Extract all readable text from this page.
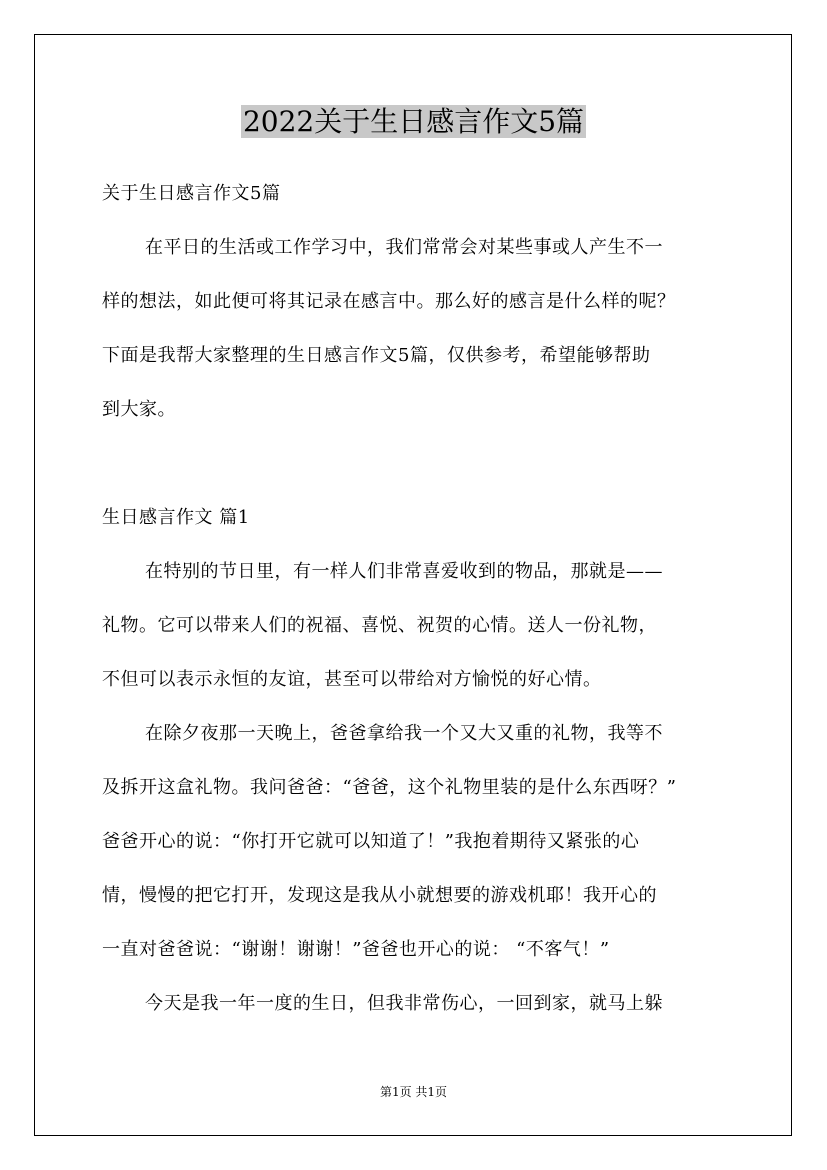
2022关于生日感言作文5篇
关于生日感言作文5篇
在平日的生活或工作学习中，我们常常会对某些事或人产生不一
样的想法，如此便可将其记录在感言中。那么好的感言是什么样的呢？
下面是我帮大家整理的生日感言作文5篇，仅供参考，希望能够帮助
到大家。
生日感言作文 篇1
在特别的节日里，有一样人们非常喜爱收到的物品，那就是——
礼物。它可以带来人们的祝福、喜悦、祝贺的心情。送人一份礼物，
不但可以表示永恒的友谊，甚至可以带给对方愉悦的好心情。
在除夕夜那一天晚上，爸爸拿给我一个又大又重的礼物，我等不
及拆开这盒礼物。我问爸爸：“爸爸，这个礼物里装的是什么东西呀？”
爸爸开心的说：“你打开它就可以知道了！”我抱着期待又紧张的心
情，慢慢的把它打开，发现这是我从小就想要的游戏机耶！我开心的
一直对爸爸说：“谢谢！谢谢！”爸爸也开心的说： “不客气！”
今天是我一年一度的生日，但我非常伤心，一回到家，就马上躲
第1页 共1页
